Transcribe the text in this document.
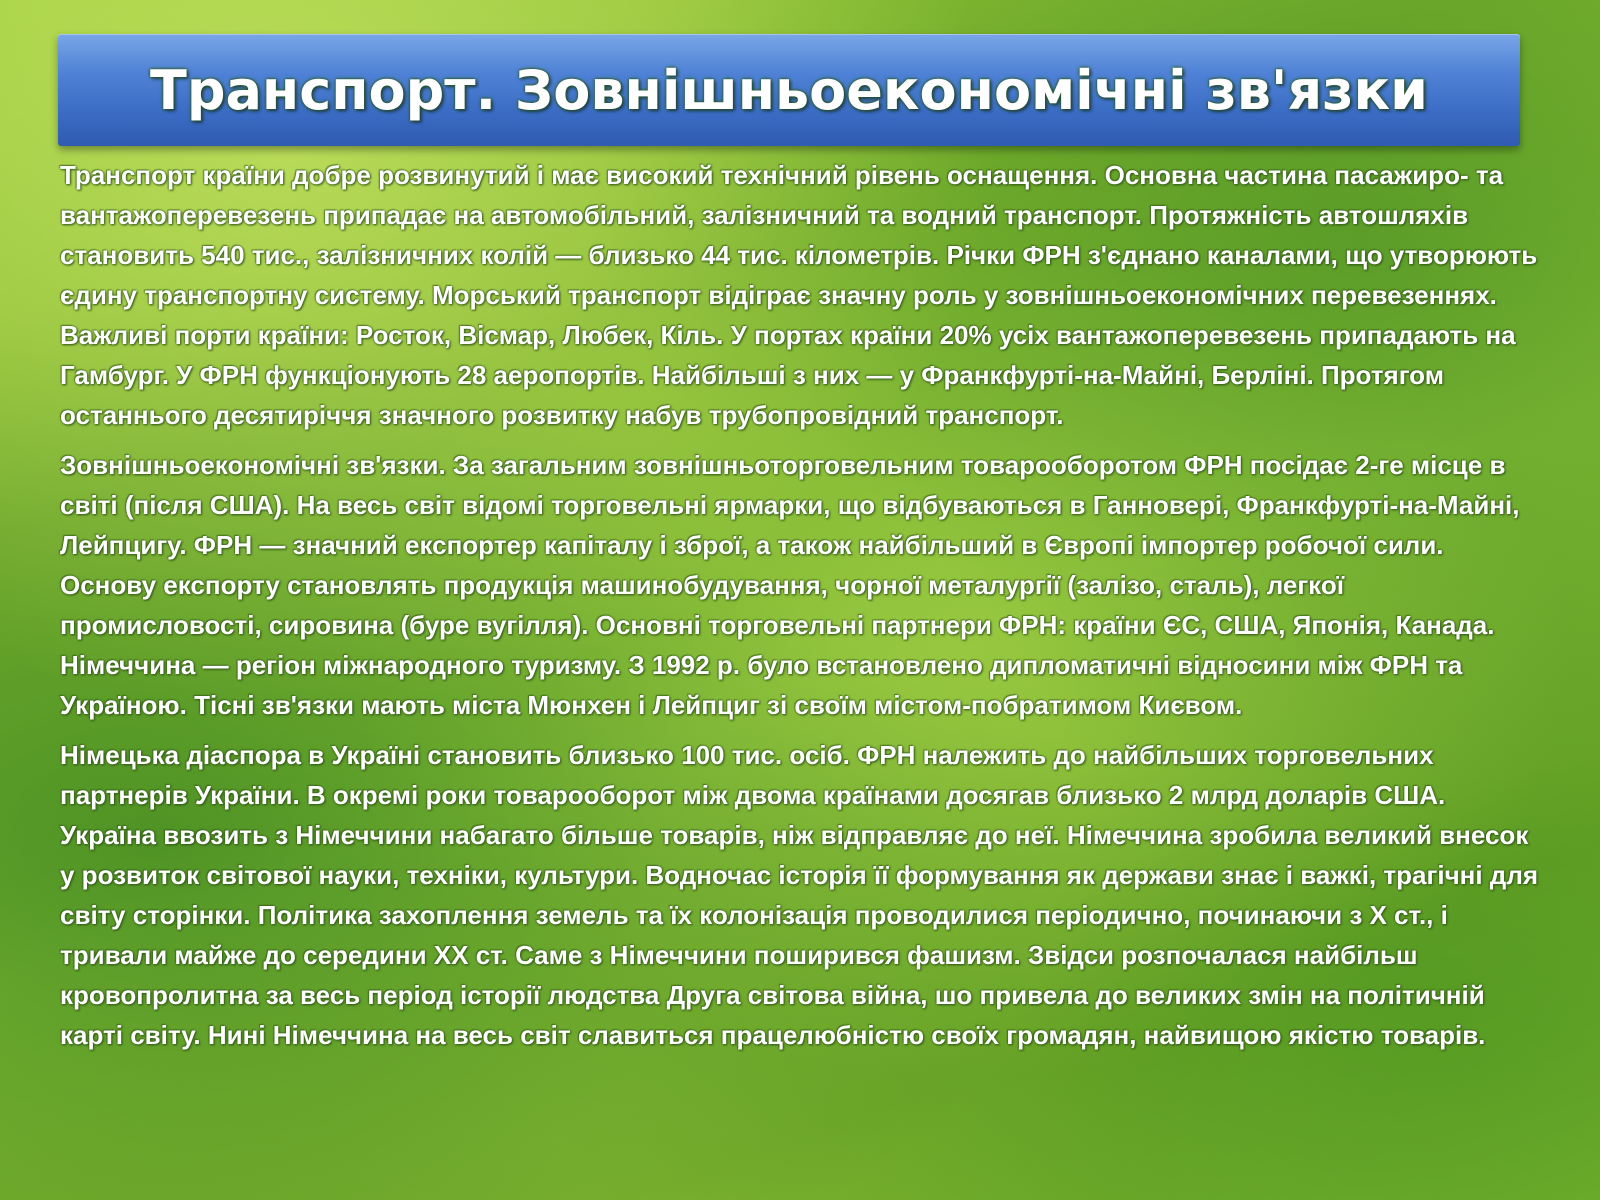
Транспорт. Зовнішньоекономічні зв'язки

Транспорт країни добре розвинутий і має високий технічний рівень оснащення. Основна частина пасажиро- та вантажоперевезень припадає на автомобільний, залізничний та водний транспорт. Протяжність автошляхів становить 540 тис., залізничних колій — близько 44 тис. кілометрів. Річки ФРН з'єднано каналами, що утворюють єдину транспортну систему. Морський транспорт відіграє значну роль у зовнішньоекономічних перевезеннях. Важливі порти країни: Росток, Вісмар, Любек, Кіль. У портах країни 20% усіх вантажоперевезень припадають на Гамбург. У ФРН функціонують 28 аеропортів. Найбільші з них — у Франкфурті-на-Майні, Берліні. Протягом останнього десятиріччя значного розвитку набув трубопровідний транспорт.

Зовнішньоекономічні зв'язки. За загальним зовнішньоторговельним товарооборотом ФРН посідає 2-ге місце в світі (після США). На весь світ відомі торговельні ярмарки, що відбуваються в Ганновері, Франкфурті-на-Майні, Лейпцигу. ФРН — значний експортер капіталу і зброї, а також найбільший в Європі імпортер робочої сили. Основу експорту становлять продукція машинобудування, чорної металургії (залізо, сталь), легкої промисловості, сировина (буре вугілля). Основні торговельні партнери ФРН: країни ЄС, США, Японія, Канада. Німеччина — регіон міжнародного туризму. З 1992 р. було встановлено дипломатичні відносини між ФРН та Україною. Тісні зв'язки мають міста Мюнхен і Лейпциг зі своїм містом-побратимом Києвом.

Німецька діаспора в Україні становить близько 100 тис. осіб. ФРН належить до найбільших торговельних партнерів України. В окремі роки товарооборот між двома країнами досягав близько 2 млрд доларів США. Україна ввозить з Німеччини набагато більше товарів, ніж відправляє до неї. Німеччина зробила великий внесок у розвиток світової науки, техніки, культури. Водночас історія її формування як держави знає і важкі, трагічні для світу сторінки. Політика захоплення земель та їх колонізація проводилися періодично, починаючи з X ст., і тривали майже до середини XX ст. Саме з Німеччини поширився фашизм. Звідси розпочалася найбільш кровопролитна за весь період історії людства Друга світова війна, шо привела до великих змін на політичній карті світу. Нині Німеччина на весь світ славиться працелюбністю своїх громадян, найвищою якістю товарів.
